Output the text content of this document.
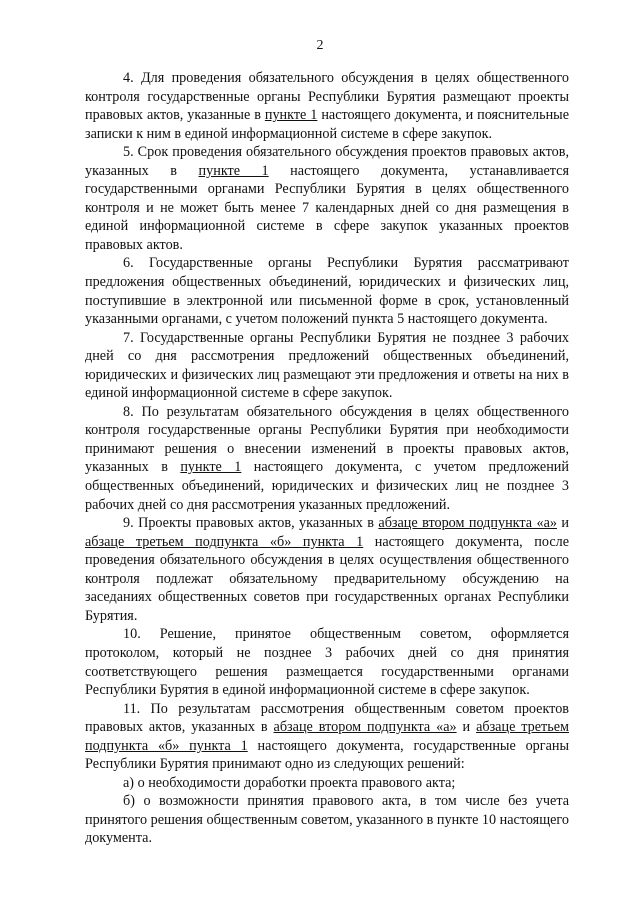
2

4. Для проведения обязательного обсуждения в целях общественного контроля государственные органы Республики Бурятия размещают проекты правовых актов, указанные в пункте 1 настоящего документа, и пояснительные записки к ним в единой информационной системе в сфере закупок.

5. Срок проведения обязательного обсуждения проектов правовых актов, указанных в пункте 1 настоящего документа, устанавливается государственными органами Республики Бурятия в целях общественного контроля и не может быть менее 7 календарных дней со дня размещения в единой информационной системе в сфере закупок указанных проектов правовых актов.

6. Государственные органы Республики Бурятия рассматривают предложения общественных объединений, юридических и физических лиц, поступившие в электронной или письменной форме в срок, установленный указанными органами, с учетом положений пункта 5 настоящего документа.

7. Государственные органы Республики Бурятия не позднее 3 рабочих дней со дня рассмотрения предложений общественных объединений, юридических и физических лиц размещают эти предложения и ответы на них в единой информационной системе в сфере закупок.

8. По результатам обязательного обсуждения в целях общественного контроля государственные органы Республики Бурятия при необходимости принимают решения о внесении изменений в проекты правовых актов, указанных в пункте 1 настоящего документа, с учетом предложений общественных объединений, юридических и физических лиц не позднее 3 рабочих дней со дня рассмотрения указанных предложений.

9. Проекты правовых актов, указанных в абзаце втором подпункта «а» и абзаце третьем подпункта «б» пункта 1 настоящего документа, после проведения обязательного обсуждения в целях осуществления общественного контроля подлежат обязательному предварительному обсуждению на заседаниях общественных советов при государственных органах Республики Бурятия.

10. Решение, принятое общественным советом, оформляется протоколом, который не позднее 3 рабочих дней со дня принятия соответствующего решения размещается государственными органами Республики Бурятия в единой информационной системе в сфере закупок.

11. По результатам рассмотрения общественным советом проектов правовых актов, указанных в абзаце втором подпункта «а» и абзаце третьем подпункта «б» пункта 1 настоящего документа, государственные органы Республики Бурятия принимают одно из следующих решений:

а) о необходимости доработки проекта правового акта;

б) о возможности принятия правового акта, в том числе без учета принятого решения общественным советом, указанного в пункте 10 настоящего документа.
